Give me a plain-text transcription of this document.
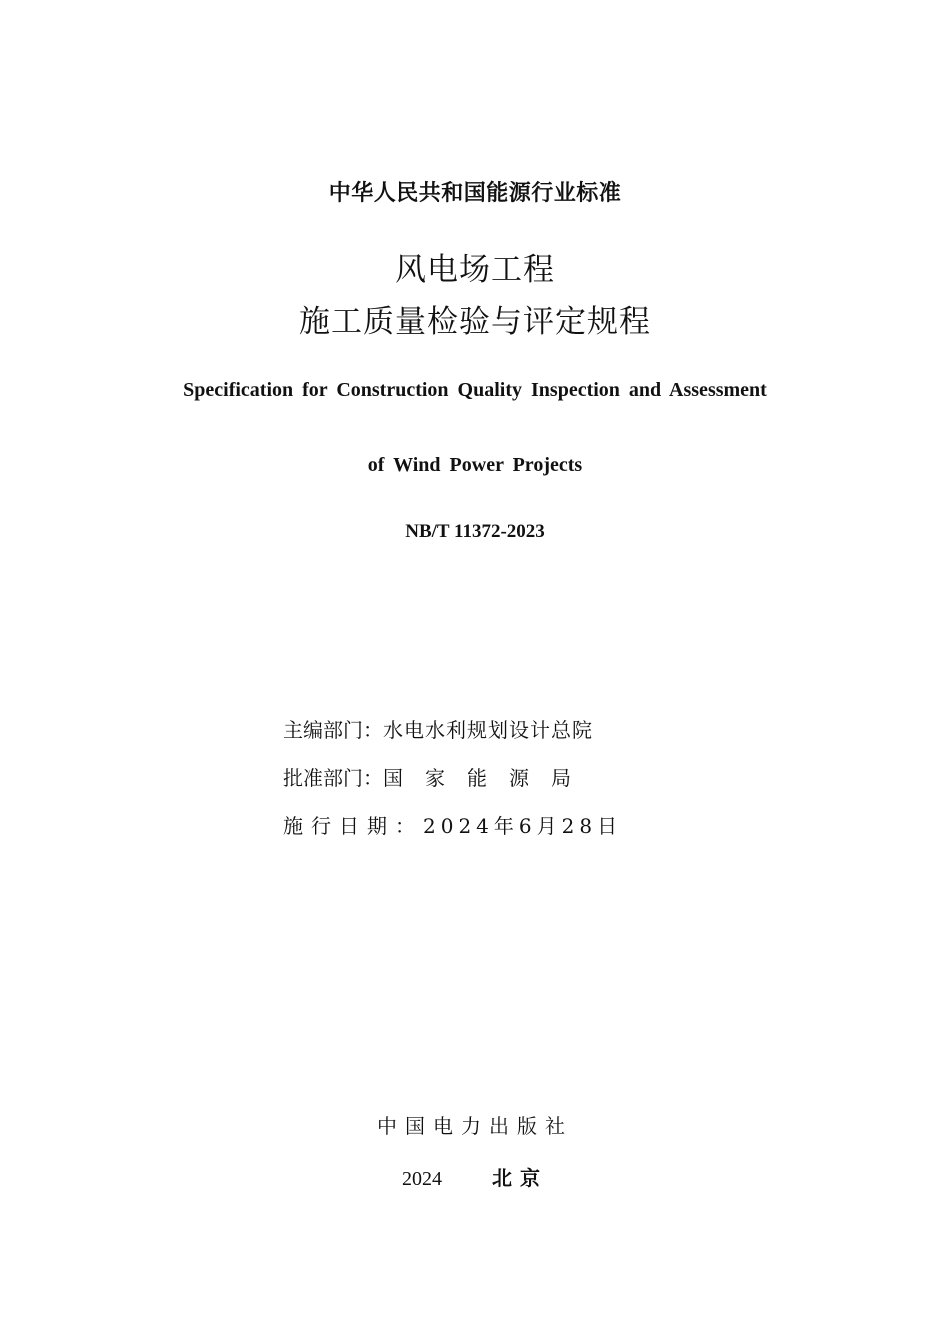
中华人民共和国能源行业标准
风电场工程
施工质量检验与评定规程
Specification for Construction Quality Inspection and Assessment
of Wind Power Projects
NB/T 11372-2023
主编部门： 水电水利规划设计总院
批准部门： 国家能源局
施行日期： 2024年6月28日
中国电力出版社
2024	北京
